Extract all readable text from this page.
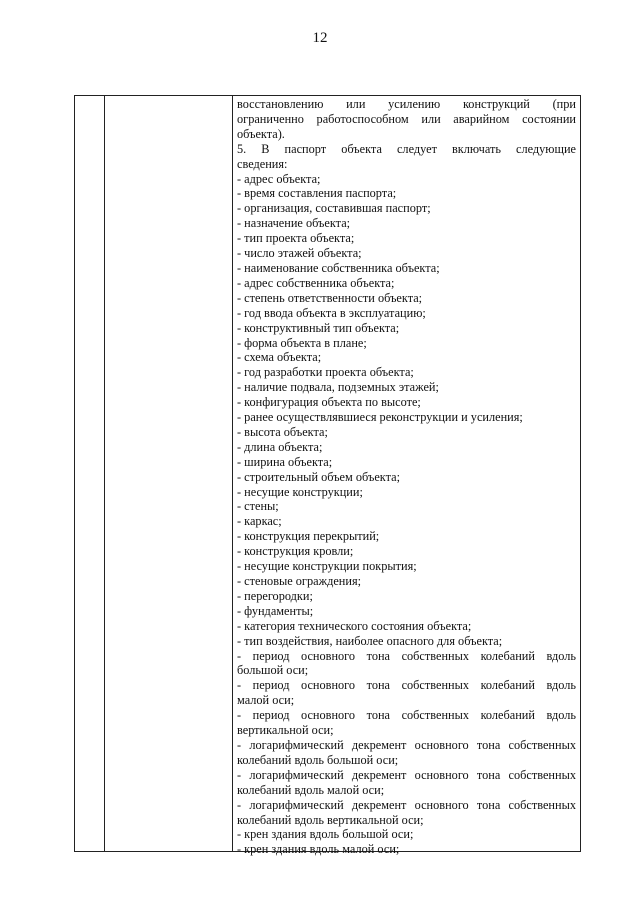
12

восстановлению или усилению конструкций (при

ограниченно работоспособном или аварийном состоянии

объекта).

5. В паспорт объекта следует включать следующие

сведения:

- адрес объекта;

- время составления паспорта;

- организация, составившая паспорт;

- назначение объекта;

- тип проекта объекта;

- число этажей объекта;

- наименование собственника объекта;

- адрес собственника объекта;

- степень ответственности объекта;

- год ввода объекта в эксплуатацию;

- конструктивный тип объекта;

- форма объекта в плане;

- схема объекта;

- год разработки проекта объекта;

- наличие подвала, подземных этажей;

- конфигурация объекта по высоте;

- ранее осуществлявшиеся реконструкции и усиления;

- высота объекта;

- длина объекта;

- ширина объекта;

- строительный объем объекта;

- несущие конструкции;

- стены;

- каркас;

- конструкция перекрытий;

- конструкция кровли;

- несущие конструкции покрытия;

- стеновые ограждения;

- перегородки;

- фундаменты;

- категория технического состояния объекта;

- тип воздействия, наиболее опасного для объекта;

- период основного тона собственных колебаний вдоль

большой оси;

- период основного тона собственных колебаний вдоль

малой оси;

- период основного тона собственных колебаний вдоль

вертикальной оси;

- логарифмический декремент основного тона собственных

колебаний вдоль большой оси;

- логарифмический декремент основного тона собственных

колебаний вдоль малой оси;

- логарифмический декремент основного тона собственных

колебаний вдоль вертикальной оси;

- крен здания вдоль большой оси;

- крен здания вдоль малой оси;
